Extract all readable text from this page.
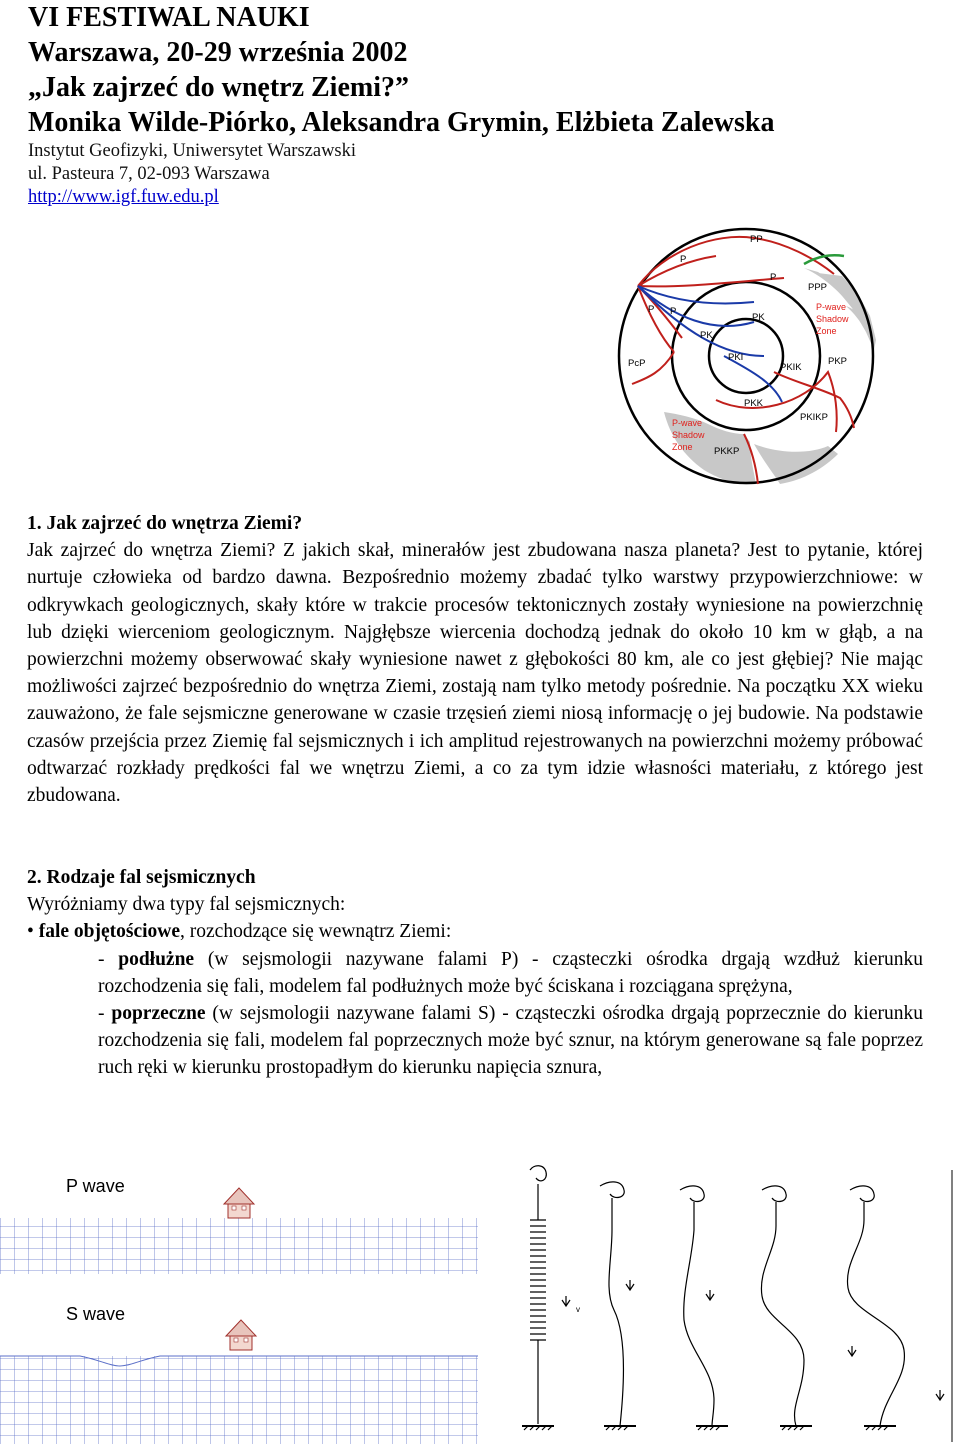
VI FESTIWAL NAUKI

Warszawa, 20-29 września 2002

„Jak zajrzeć do wnętrz Ziemi?”

Monika Wilde-Piórko, Aleksandra Grymin, Elżbieta Zalewska

Instytut Geofizyki, Uniwersytet Warszawski

ul. Pasteura 7, 02-093 Warszawa

http://www.igf.fuw.edu.pl

PP
P
P
PPP
P-wave
Shadow
Zone
P P
PK
PK
PcP
PKI
PKIK
PKP
PKK
PKIKP
P-wave
Shadow
Zone PKKP

1. Jak zajrzeć do wnętrza Ziemi?

Jak zajrzeć do wnętrza Ziemi? Z jakich skał, minerałów jest zbudowana nasza planeta? Jest to pytanie, której nurtuje człowieka od bardzo dawna. Bezpośrednio możemy zbadać tylko warstwy przypowierzchniowe: w odkrywkach geologicznych, skały które w trakcie procesów tektonicznych zostały wyniesione na powierzchnię lub dzięki wierceniom geologicznym. Najgłębsze wiercenia dochodzą jednak do około 10 km w głąb, a na powierzchni możemy obserwować skały wyniesione nawet z głębokości 80 km, ale co jest głębiej? Nie mając możliwości zajrzeć bezpośrednio do wnętrza Ziemi, zostają nam tylko metody pośrednie. Na początku XX wieku zauważono, że fale sejsmiczne generowane w czasie trzęsień ziemi niosą informację o jej budowie. Na podstawie czasów przejścia przez Ziemię fal sejsmicznych i ich amplitud rejestrowanych na powierzchni możemy próbować odtwarzać rozkłady prędkości fal we wnętrzu Ziemi, a co za tym idzie własności materiału, z którego jest zbudowana.

2. Rodzaje fal sejsmicznych

Wyróżniamy dwa typy fal sejsmicznych:

• fale objętościowe, rozchodzące się wewnątrz Ziemi:

- podłużne (w sejsmologii nazywane falami P) - cząsteczki ośrodka drgają wzdłuż kierunku rozchodzenia się fali, modelem fal podłużnych może być ściskana i rozciągana sprężyna,

- poprzeczne (w sejsmologii nazywane falami S) - cząsteczki ośrodka drgają poprzecznie do kierunku rozchodzenia się fali, modelem fal poprzecznych może być sznur, na którym generowane są fale poprzez ruch ręki w kierunku prostopadłym do kierunku napięcia sznura,

P wave
S wave	v
